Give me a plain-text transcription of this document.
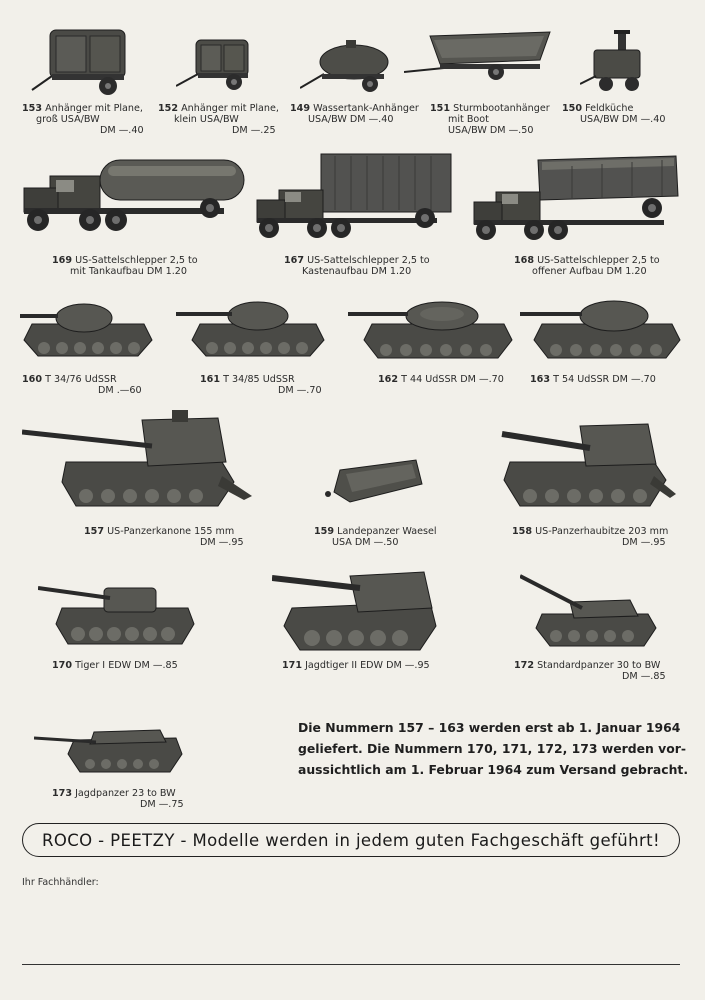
153 Anhänger mit Plane,
groß USA/BW
DM —.40
152 Anhänger mit Plane,
klein USA/BW
DM —.25
149 Wassertank-Anhänger
USA/BW DM —.40
151 Sturmbootanhänger
mit Boot
USA/BW DM —.50
150 Feldküche
USA/BW DM —.40
169 US-Sattelschlepper 2,5 to
mit Tankaufbau DM 1.20
167 US-Sattelschlepper 2,5 to
Kastenaufbau DM 1.20
168 US-Sattelschlepper 2,5 to
offener Aufbau DM 1.20
160 T 34/76 UdSSR
DM .—60
161 T 34/85 UdSSR
DM —.70
162 T 44 UdSSR DM —.70	163 T 54 UdSSR DM —.70
157 US-Panzerkanone 155 mm
DM —.95
159 Landepanzer Waesel
USA DM —.50
158 US-Panzerhaubitze 203 mm
DM —.95
170 Tiger I EDW DM —.85	171 Jagdtiger II EDW DM —.95	172 Standardpanzer 30 to BW
DM —.85
173 Jagdpanzer 23 to BW
DM —.75
Die Nummern 157 – 163 werden erst ab 1. Januar 1964
geliefert. Die Nummern 170, 171, 172, 173 werden vor-
aussichtlich am 1. Februar 1964 zum Versand gebracht.
ROCO - PEETZY - Modelle werden in jedem guten Fachgeschäft geführt!
Ihr Fachhändler:
